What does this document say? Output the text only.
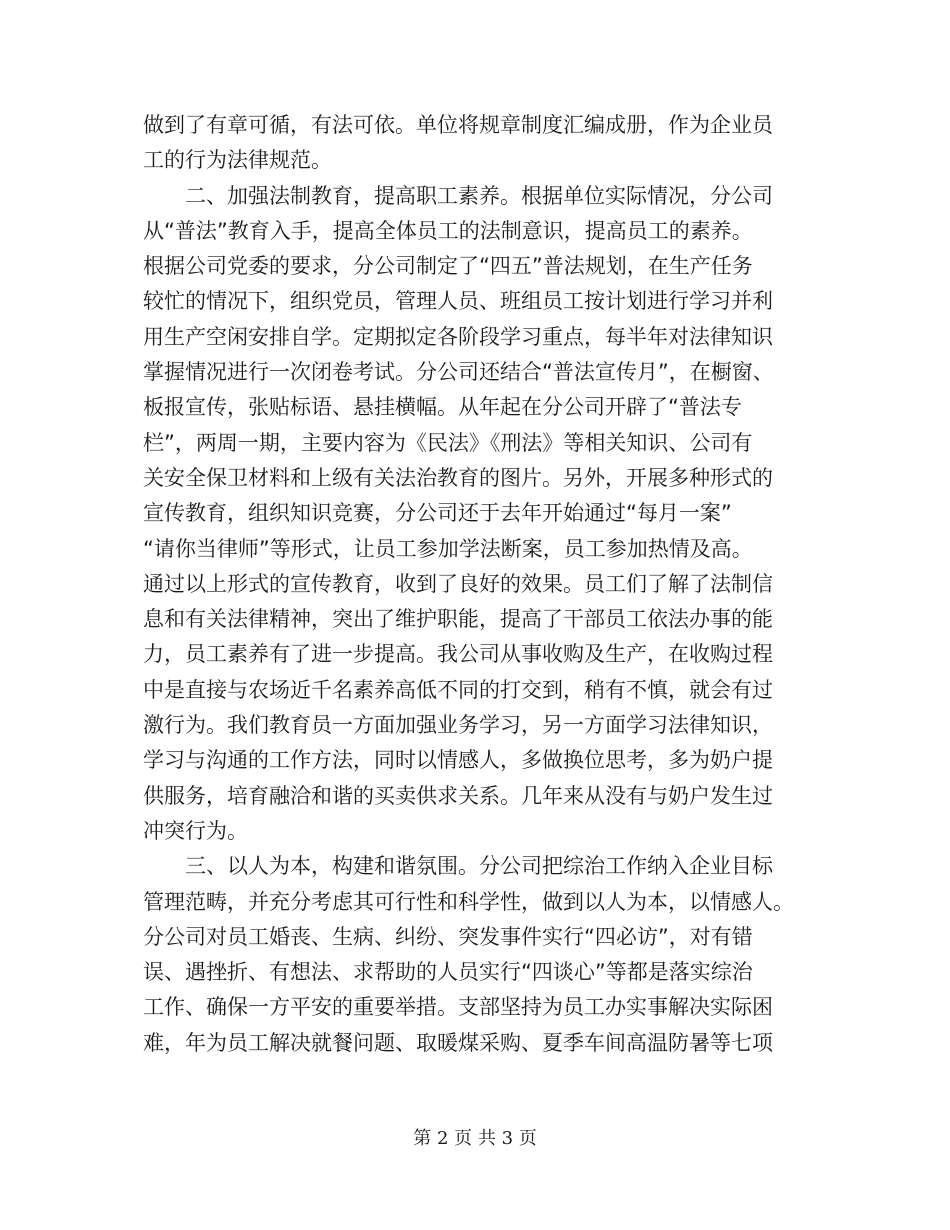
做到了有章可循，有法可依。单位将规章制度汇编成册，作为企业员
工的行为法律规范。
　　二、加强法制教育，提高职工素养。根据单位实际情况，分公司
从“普法”教育入手，提高全体员工的法制意识，提高员工的素养。
根据公司党委的要求，分公司制定了“四五”普法规划，在生产任务
较忙的情况下，组织党员，管理人员、班组员工按计划进行学习并利
用生产空闲安排自学。定期拟定各阶段学习重点，每半年对法律知识
掌握情况进行一次闭卷考试。分公司还结合“普法宣传月”，在橱窗、
板报宣传，张贴标语、悬挂横幅。从年起在分公司开辟了“普法专
栏”，两周一期，主要内容为《民法》《刑法》等相关知识、公司有
关安全保卫材料和上级有关法治教育的图片。另外，开展多种形式的
宣传教育，组织知识竞赛，分公司还于去年开始通过“每月一案”
“请你当律师”等形式，让员工参加学法断案，员工参加热情及高。
通过以上形式的宣传教育，收到了良好的效果。员工们了解了法制信
息和有关法律精神，突出了维护职能，提高了干部员工依法办事的能
力，员工素养有了进一步提高。我公司从事收购及生产，在收购过程
中是直接与农场近千名素养高低不同的打交到，稍有不慎，就会有过
激行为。我们教育员一方面加强业务学习，另一方面学习法律知识，
学习与沟通的工作方法，同时以情感人，多做换位思考，多为奶户提
供服务，培育融洽和谐的买卖供求关系。几年来从没有与奶户发生过
冲突行为。
　　三、以人为本，构建和谐氛围。分公司把综治工作纳入企业目标
管理范畴，并充分考虑其可行性和科学性，做到以人为本，以情感人。
分公司对员工婚丧、生病、纠纷、突发事件实行“四必访”，对有错
误、遇挫折、有想法、求帮助的人员实行“四谈心”等都是落实综治
工作、确保一方平安的重要举措。支部坚持为员工办实事解决实际困
难，年为员工解决就餐问题、取暖煤采购、夏季车间高温防暑等七项
第 2 页 共 3 页
